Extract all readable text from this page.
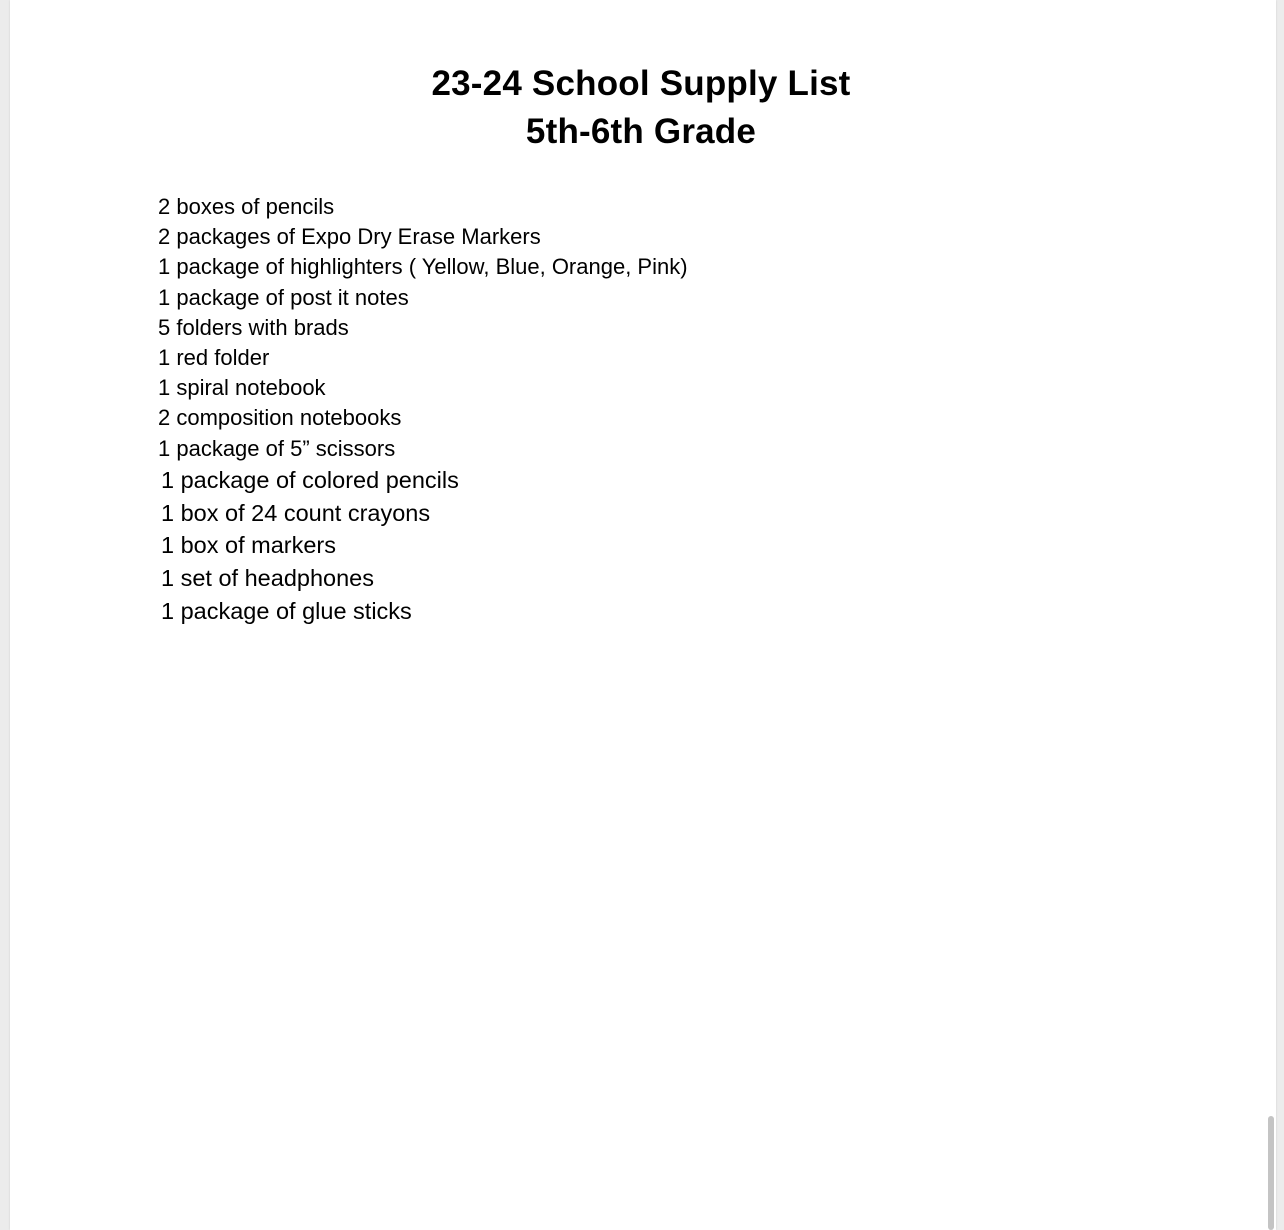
23-24 School Supply List
5th-6th Grade
2 boxes of pencils
2 packages of Expo Dry Erase Markers
1 package of highlighters ( Yellow, Blue, Orange, Pink)
1 package of post it notes
5 folders with brads
1 red folder
1 spiral notebook
2 composition notebooks
1 package of 5” scissors
1 package of colored pencils
1 box of 24 count crayons
1 box of markers
1 set of headphones
1 package of glue sticks
